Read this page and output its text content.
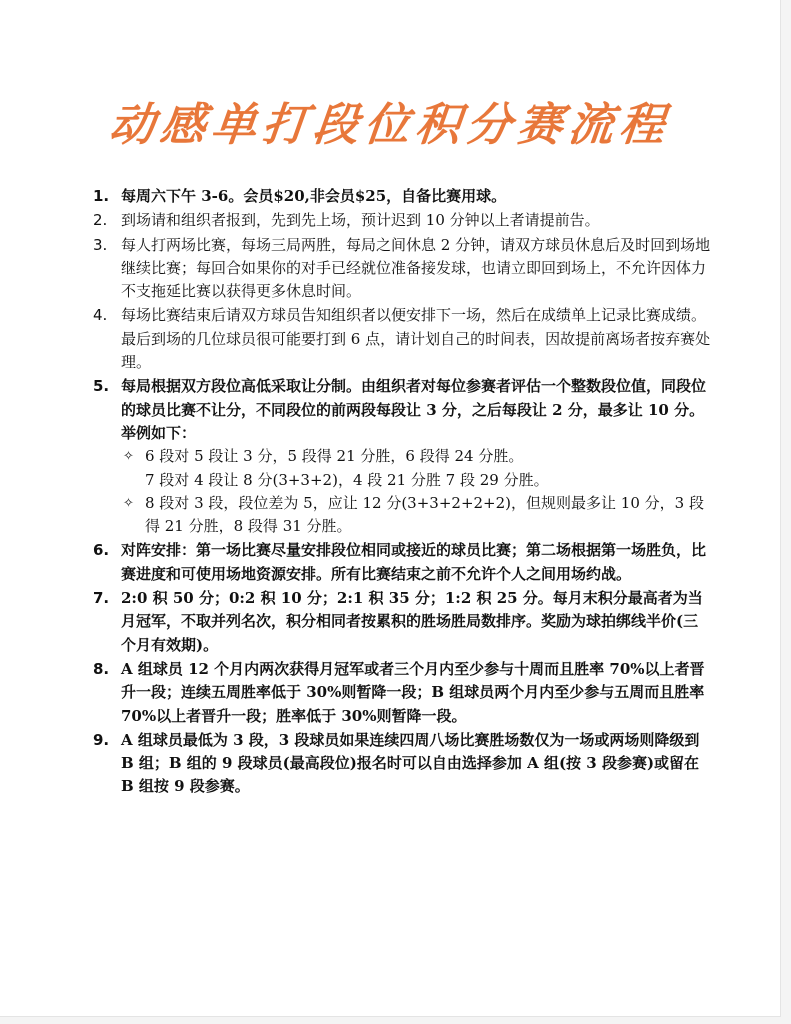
动感单打段位积分赛流程
1. 每周六下午 3-6。会员$20,非会员$25，自备比赛用球。
2. 到场请和组织者报到，先到先上场，预计迟到 10 分钟以上者请提前告。
3. 每人打两场比赛，每场三局两胜，每局之间休息 2 分钟，请双方球员休息后及时回到场地继续比赛；每回合如果你的对手已经就位准备接发球，也请立即回到场上，不允许因体力不支拖延比赛以获得更多休息时间。
4. 每场比赛结束后请双方球员告知组织者以便安排下一场，然后在成绩单上记录比赛成绩。最后到场的几位球员很可能要打到 6 点，请计划自己的时间表，因故提前离场者按弃赛处理。
5. 每局根据双方段位高低采取让分制。由组织者对每位参赛者评估一个整数段位值，同段位的球员比赛不让分，不同段位的前两段每段让 3 分，之后每段让 2 分，最多让 10 分。举例如下：
✧ 6 段对 5 段让 3 分，5 段得 21 分胜，6 段得 24 分胜。
7 段对 4 段让 8 分(3+3+2)，4 段 21 分胜 7 段 29 分胜。
✧ 8 段对 3 段，段位差为 5，应让 12 分(3+3+2+2+2)，但规则最多让 10 分，3 段得 21 分胜，8 段得 31 分胜。
6. 对阵安排：第一场比赛尽量安排段位相同或接近的球员比赛；第二场根据第一场胜负，比赛进度和可使用场地资源安排。所有比赛结束之前不允许个人之间用场约战。
7. 2:0 积 50 分；0:2 积 10 分；2:1 积 35 分；1:2 积 25 分。每月末积分最高者为当月冠军，不取并列名次，积分相同者按累积的胜场胜局数排序。奖励为球拍绑线半价(三个月有效期)。
8. A 组球员 12 个月内两次获得月冠军或者三个月内至少参与十周而且胜率 70%以上者晋升一段；连续五周胜率低于 30%则暂降一段；B 组球员两个月内至少参与五周而且胜率 70%以上者晋升一段；胜率低于 30%则暂降一段。
9. A 组球员最低为 3 段，3 段球员如果连续四周八场比赛胜场数仅为一场或两场则降级到 B 组；B 组的 9 段球员(最高段位)报名时可以自由选择参加 A 组(按 3 段参赛)或留在 B 组按 9 段参赛。
